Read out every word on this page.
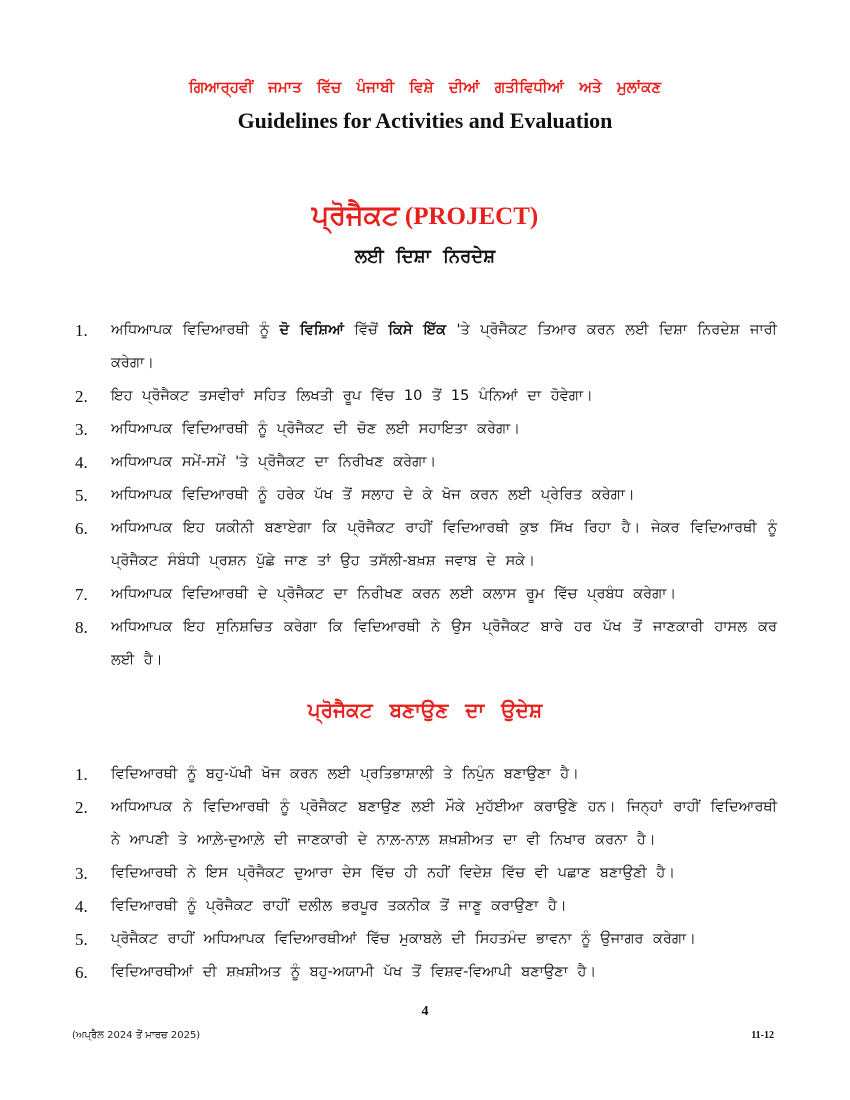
ਗਿਆਰ੍ਹਵੀਂ ਜਮਾਤ ਵਿੱਚ ਪੰਜਾਬੀ ਵਿਸ਼ੇ ਦੀਆਂ ਗਤੀਵਿਧੀਆਂ ਅਤੇ ਮੁਲਾਂਕਣ
Guidelines for Activities and Evaluation
ਪ੍ਰੋਜੈਕਟ (PROJECT)
ਲਈ ਦਿਸ਼ਾ ਨਿਰਦੇਸ਼
1.	ਅਧਿਆਪਕ ਵਿਦਿਆਰਥੀ ਨੂੰ ਦੋ ਵਿਸ਼ਿਆਂ ਵਿੱਚੋਂ ਕਿਸੇ ਇੱਕ 'ਤੇ ਪ੍ਰੋਜੈਕਟ ਤਿਆਰ ਕਰਨ ਲਈ ਦਿਸ਼ਾ ਨਿਰਦੇਸ਼ ਜਾਰੀ ਕਰੇਗਾ।
2.	ਇਹ ਪ੍ਰੋਜੈਕਟ ਤਸਵੀਰਾਂ ਸਹਿਤ ਲਿਖਤੀ ਰੂਪ ਵਿੱਚ 10 ਤੋਂ 15 ਪੰਨਿਆਂ ਦਾ ਹੋਵੇਗਾ।
3.	ਅਧਿਆਪਕ ਵਿਦਿਆਰਥੀ ਨੂੰ ਪ੍ਰੋਜੈਕਟ ਦੀ ਚੋਣ ਲਈ ਸਹਾਇਤਾ ਕਰੇਗਾ।
4.	ਅਧਿਆਪਕ ਸਮੇਂ-ਸਮੇਂ 'ਤੇ ਪ੍ਰੋਜੈਕਟ ਦਾ ਨਿਰੀਖਣ ਕਰੇਗਾ।
5.	ਅਧਿਆਪਕ ਵਿਦਿਆਰਥੀ ਨੂੰ ਹਰੇਕ ਪੱਖ ਤੋਂ ਸਲਾਹ ਦੇ ਕੇ ਖੋਜ ਕਰਨ ਲਈ ਪ੍ਰੇਰਿਤ ਕਰੇਗਾ।
6.	ਅਧਿਆਪਕ ਇਹ ਯਕੀਨੀ ਬਣਾਏਗਾ ਕਿ ਪ੍ਰੋਜੈਕਟ ਰਾਹੀਂ ਵਿਦਿਆਰਥੀ ਕੁਝ ਸਿੱਖ ਰਿਹਾ ਹੈ। ਜੇਕਰ ਵਿਦਿਆਰਥੀ ਨੂੰ ਪ੍ਰੋਜੈਕਟ ਸੰਬੰਧੀ ਪ੍ਰਸ਼ਨ ਪੁੱਛੇ ਜਾਣ ਤਾਂ ਉਹ ਤਸੱਲੀ-ਬਖ਼ਸ਼ ਜਵਾਬ ਦੇ ਸਕੇ।
7.	ਅਧਿਆਪਕ ਵਿਦਿਆਰਥੀ ਦੇ ਪ੍ਰੋਜੈਕਟ ਦਾ ਨਿਰੀਖਣ ਕਰਨ ਲਈ ਕਲਾਸ ਰੂਮ ਵਿੱਚ ਪ੍ਰਬੰਧ ਕਰੇਗਾ।
8.	ਅਧਿਆਪਕ ਇਹ ਸੁਨਿਸ਼ਚਿਤ ਕਰੇਗਾ ਕਿ ਵਿਦਿਆਰਥੀ ਨੇ ਉਸ ਪ੍ਰੋਜੈਕਟ ਬਾਰੇ ਹਰ ਪੱਖ ਤੋਂ ਜਾਣਕਾਰੀ ਹਾਸਲ ਕਰ ਲਈ ਹੈ।
ਪ੍ਰੋਜੈਕਟ ਬਣਾਉਣ ਦਾ ਉਦੇਸ਼
1.	ਵਿਦਿਆਰਥੀ ਨੂੰ ਬਹੁ-ਪੱਖੀ ਖੋਜ ਕਰਨ ਲਈ ਪ੍ਰਤਿਭਾਸ਼ਾਲੀ ਤੇ ਨਿਪੁੰਨ ਬਣਾਉਣਾ ਹੈ।
2.	ਅਧਿਆਪਕ ਨੇ ਵਿਦਿਆਰਥੀ ਨੂੰ ਪ੍ਰੋਜੈਕਟ ਬਣਾਉਣ ਲਈ ਮੌਕੇ ਮੁਹੱਈਆ ਕਰਾਉਣੇ ਹਨ। ਜਿਨ੍ਹਾਂ ਰਾਹੀਂ ਵਿਦਿਆਰਥੀ ਨੇ ਆਪਣੀ ਤੇ ਆਲ਼ੇ-ਦੁਆਲ਼ੇ ਦੀ ਜਾਣਕਾਰੀ ਦੇ ਨਾਲ਼-ਨਾਲ਼ ਸ਼ਖ਼ਸ਼ੀਅਤ ਦਾ ਵੀ ਨਿਖਾਰ ਕਰਨਾ ਹੈ।
3.	ਵਿਦਿਆਰਥੀ ਨੇ ਇਸ ਪ੍ਰੋਜੈਕਟ ਦੁਆਰਾ ਦੇਸ ਵਿੱਚ ਹੀ ਨਹੀਂ ਵਿਦੇਸ਼ ਵਿੱਚ ਵੀ ਪਛਾਣ ਬਣਾਉਣੀ ਹੈ।
4.	ਵਿਦਿਆਰਥੀ ਨੂੰ ਪ੍ਰੋਜੈਕਟ ਰਾਹੀਂ ਦਲੀਲ ਭਰਪੂਰ ਤਕਨੀਕ ਤੋਂ ਜਾਣੂ ਕਰਾਉਣਾ ਹੈ।
5.	ਪ੍ਰੋਜੈਕਟ ਰਾਹੀਂ ਅਧਿਆਪਕ ਵਿਦਿਆਰਥੀਆਂ ਵਿੱਚ ਮੁਕਾਬਲੇ ਦੀ ਸਿਹਤਮੰਦ ਭਾਵਨਾ ਨੂੰ ਉਜਾਗਰ ਕਰੇਗਾ।
6.	ਵਿਦਿਆਰਥੀਆਂ ਦੀ ਸ਼ਖ਼ਸ਼ੀਅਤ ਨੂੰ ਬਹੁ-ਅਯਾਮੀ ਪੱਖ ਤੋਂ ਵਿਸ਼ਵ-ਵਿਆਪੀ ਬਣਾਉਣਾ ਹੈ।
4
(ਅਪ੍ਰੈਲ 2024 ਤੋਂ ਮਾਰਚ 2025)	11-12
